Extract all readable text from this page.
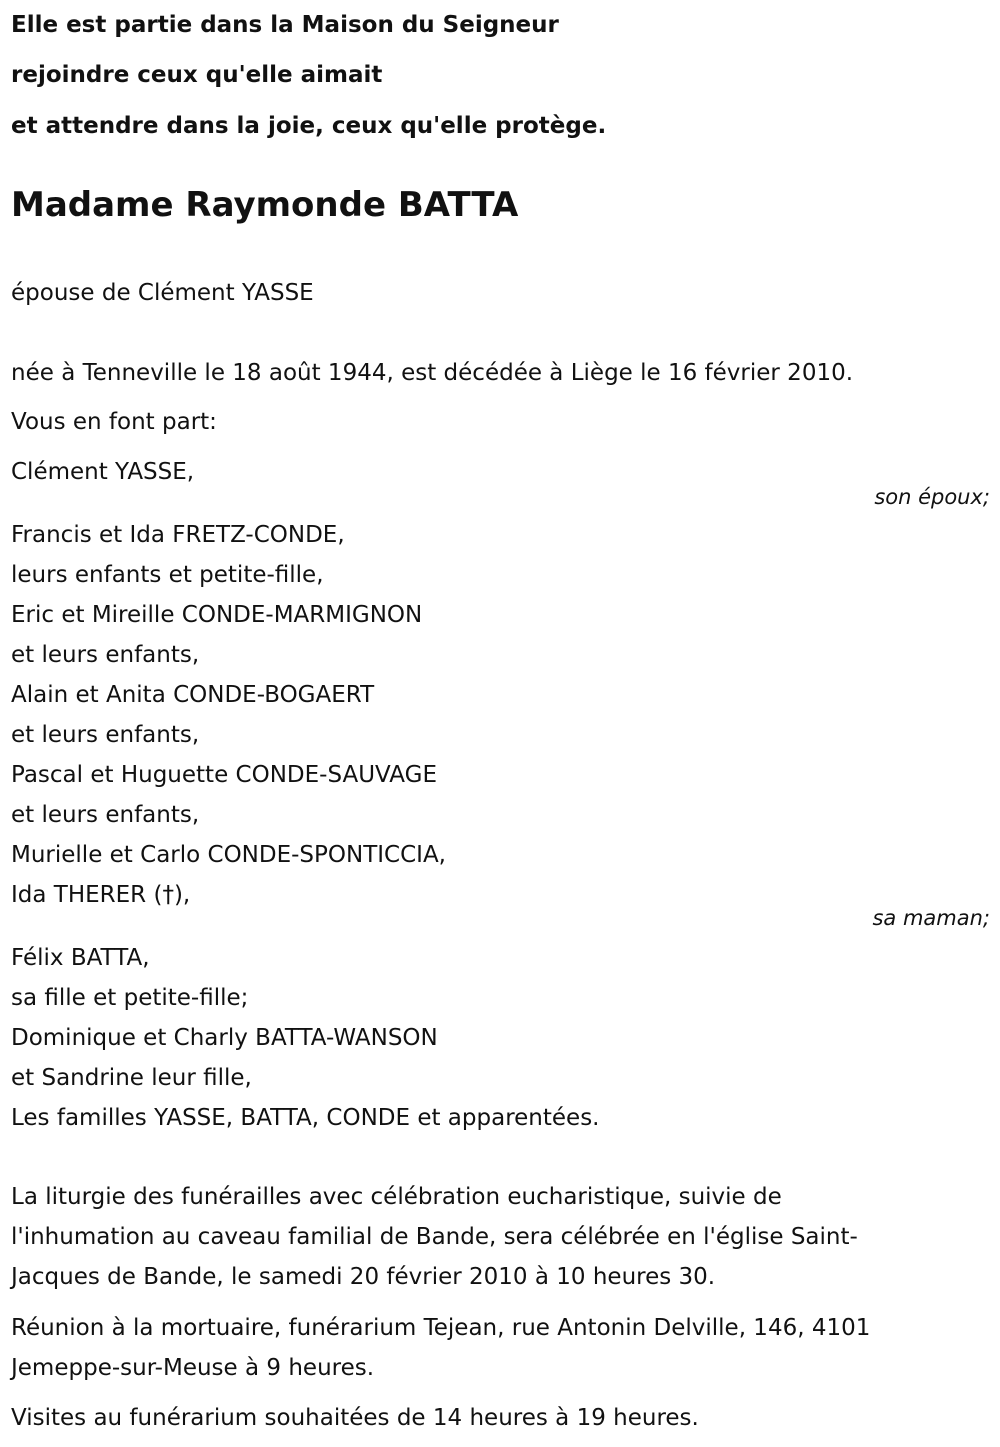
Elle est partie dans la Maison du Seigneur
rejoindre ceux qu'elle aimait
et attendre dans la joie, ceux qu'elle protège.
Madame Raymonde BATTA
épouse de Clément YASSE
née à Tenneville le 18 août 1944, est décédée à Liège le 16 février 2010.
Vous en font part:
Clément YASSE,
son époux;
Francis et Ida FRETZ-CONDE,
leurs enfants et petite-fille,
Eric et Mireille CONDE-MARMIGNON
et leurs enfants,
Alain et Anita CONDE-BOGAERT
et leurs enfants,
Pascal et Huguette CONDE-SAUVAGE
et leurs enfants,
Murielle et Carlo CONDE-SPONTICCIA,
Ida THERER (†),
sa maman;
Félix BATTA,
sa fille et petite-fille;
Dominique et Charly BATTA-WANSON
et Sandrine leur fille,
Les familles YASSE, BATTA, CONDE et apparentées.
La liturgie des funérailles avec célébration eucharistique, suivie de
l'inhumation au caveau familial de Bande, sera célébrée en l'église Saint-
Jacques de Bande, le samedi 20 février 2010 à 10 heures 30.
Réunion à la mortuaire, funérarium Tejean, rue Antonin Delville, 146, 4101
Jemeppe-sur-Meuse à 9 heures.
Visites au funérarium souhaitées de 14 heures à 19 heures.
